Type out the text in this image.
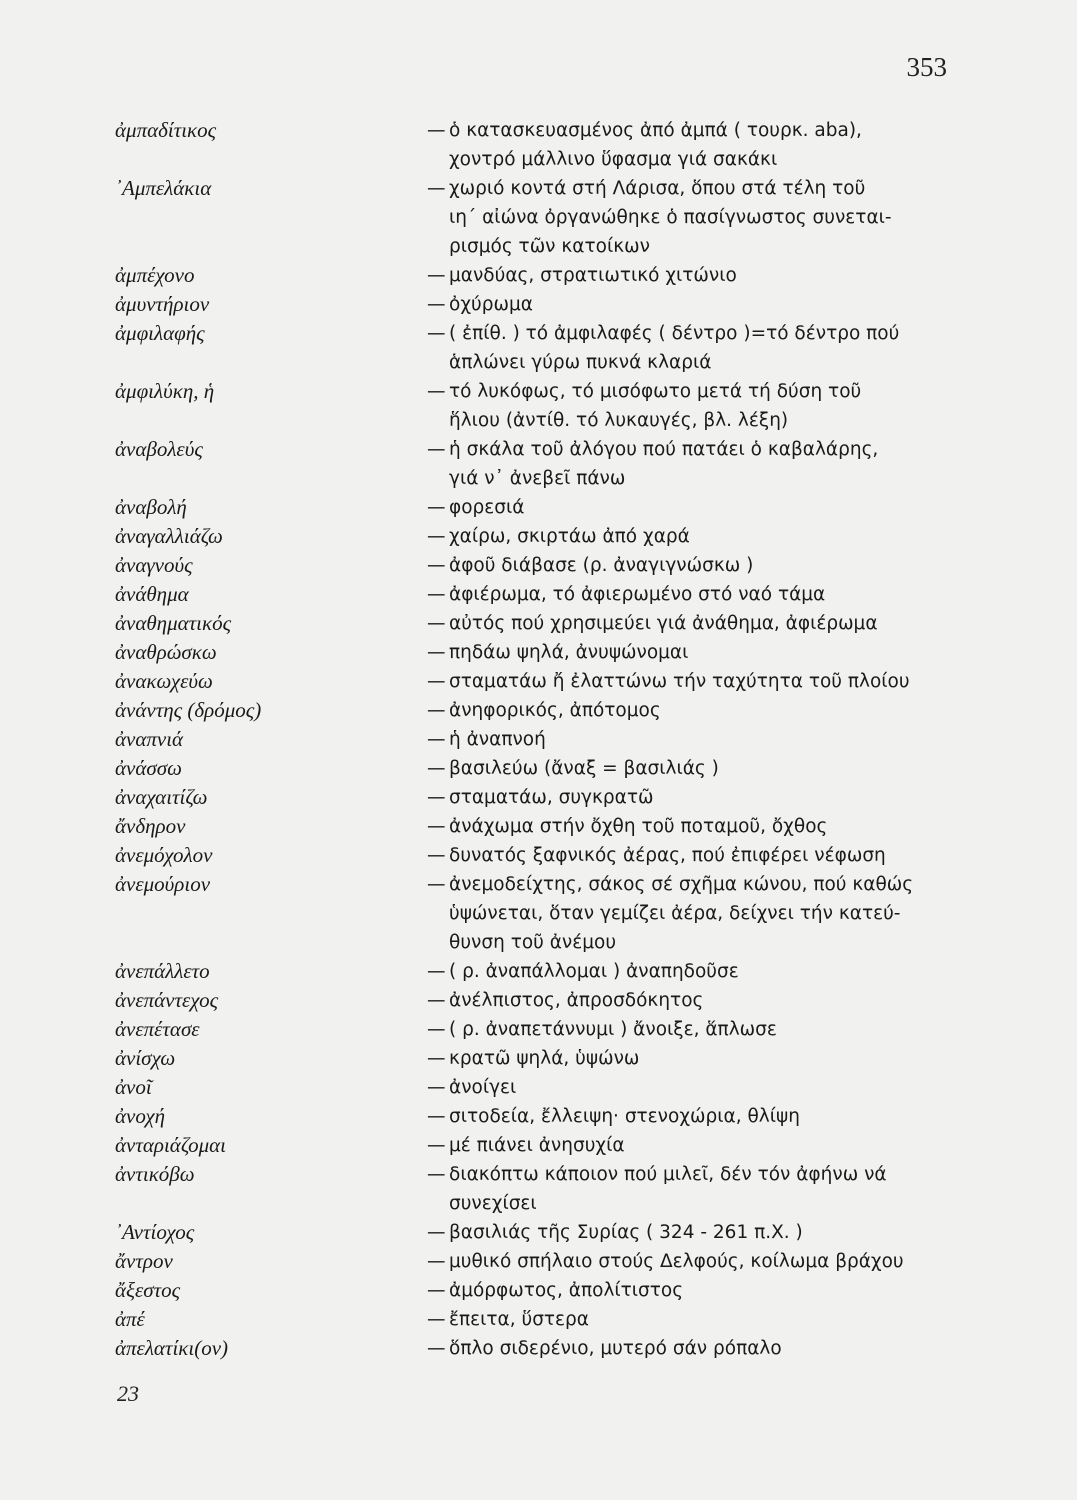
353
ἀμπαδίτικος	— ὁ κατασκευασμένος ἀπό ἀμπά ( τουρκ. aba),
χοντρό μάλλινο ὕφασμα γιά σακάκι
᾿Αμπελάκια	— χωριό κοντά στή Λάρισα, ὅπου στά τέλη τοῦ
ιη΄ αἰώνα ὀργανώθηκε ὁ πασίγνωστος συνεται-
ρισμός τῶν κατοίκων
ἀμπέχονο	— μανδύας, στρατιωτικό χιτώνιο
ἀμυντήριον	— ὀχύρωμα
ἀμφιλαφής	— ( ἐπίθ. ) τό ἀμφιλαφές ( δέντρο )=τό δέντρο πού
ἁπλώνει γύρω πυκνά κλαριά
ἀμφιλύκη, ἡ	— τό λυκόφως, τό μισόφωτο μετά τή δύση τοῦ
ἥλιου (ἀντίθ. τό λυκαυγές, βλ. λέξη)
ἀναβολεύς	— ἡ σκάλα τοῦ ἀλόγου πού πατάει ὁ καβαλάρης,
γιά ν᾿ ἀνεβεῖ πάνω
ἀναβολή	— φορεσιά
ἀναγαλλιάζω	— χαίρω, σκιρτάω ἀπό χαρά
ἀναγνούς	— ἀφοῦ διάβασε (ρ. ἀναγιγνώσκω )
ἀνάθημα	— ἀφιέρωμα, τό ἀφιερωμένο στό ναό τάμα
ἀναθηματικός	— αὐτός πού χρησιμεύει γιά ἀνάθημα, ἀφιέρωμα
ἀναθρώσκω	— πηδάω ψηλά, ἀνυψώνομαι
ἀνακωχεύω	— σταματάω ἤ ἐλαττώνω τήν ταχύτητα τοῦ πλοίου
ἀνάντης (δρόμος)	— ἀνηφορικός, ἀπότομος
ἀναπνιά	— ἡ ἀναπνοή
ἀνάσσω	— βασιλεύω (ἄναξ = βασιλιάς )
ἀναχαιτίζω	— σταματάω, συγκρατῶ
ἄνδηρον	— ἀνάχωμα στήν ὄχθη τοῦ ποταμοῦ, ὄχθος
ἀνεμόχολον	— δυνατός ξαφνικός ἀέρας, πού ἐπιφέρει νέφωση
ἀνεμούριον	— ἀνεμοδείχτης, σάκος σέ σχῆμα κώνου, πού καθώς
ὑψώνεται, ὅταν γεμίζει ἀέρα, δείχνει τήν κατεύ-
θυνση τοῦ ἀνέμου
ἀνεπάλλετο	— ( ρ. ἀναπάλλομαι ) ἀναπηδοῦσε
ἀνεπάντεχος	— ἀνέλπιστος, ἀπροσδόκητος
ἀνεπέτασε	— ( ρ. ἀναπετάννυμι ) ἄνοιξε, ἅπλωσε
ἀνίσχω	— κρατῶ ψηλά, ὑψώνω
ἀνοῖ	— ἀνοίγει
ἀνοχή	— σιτοδεία, ἔλλειψη· στενοχώρια, θλίψη
ἀνταριάζομαι	— μέ πιάνει ἀνησυχία
ἀντικόβω	— διακόπτω κάποιον πού μιλεῖ, δέν τόν ἀφήνω νά
συνεχίσει
᾿Αντίοχος	— βασιλιάς τῆς Συρίας ( 324 - 261 π.Χ. )
ἄντρον	— μυθικό σπήλαιο στούς Δελφούς, κοίλωμα βράχου
ἄξεστος	— ἀμόρφωτος, ἀπολίτιστος
ἀπέ	— ἔπειτα, ὕστερα
ἀπελατίκι(ον)	— ὅπλο σιδερένιο, μυτερό σάν ρόπαλο
23
